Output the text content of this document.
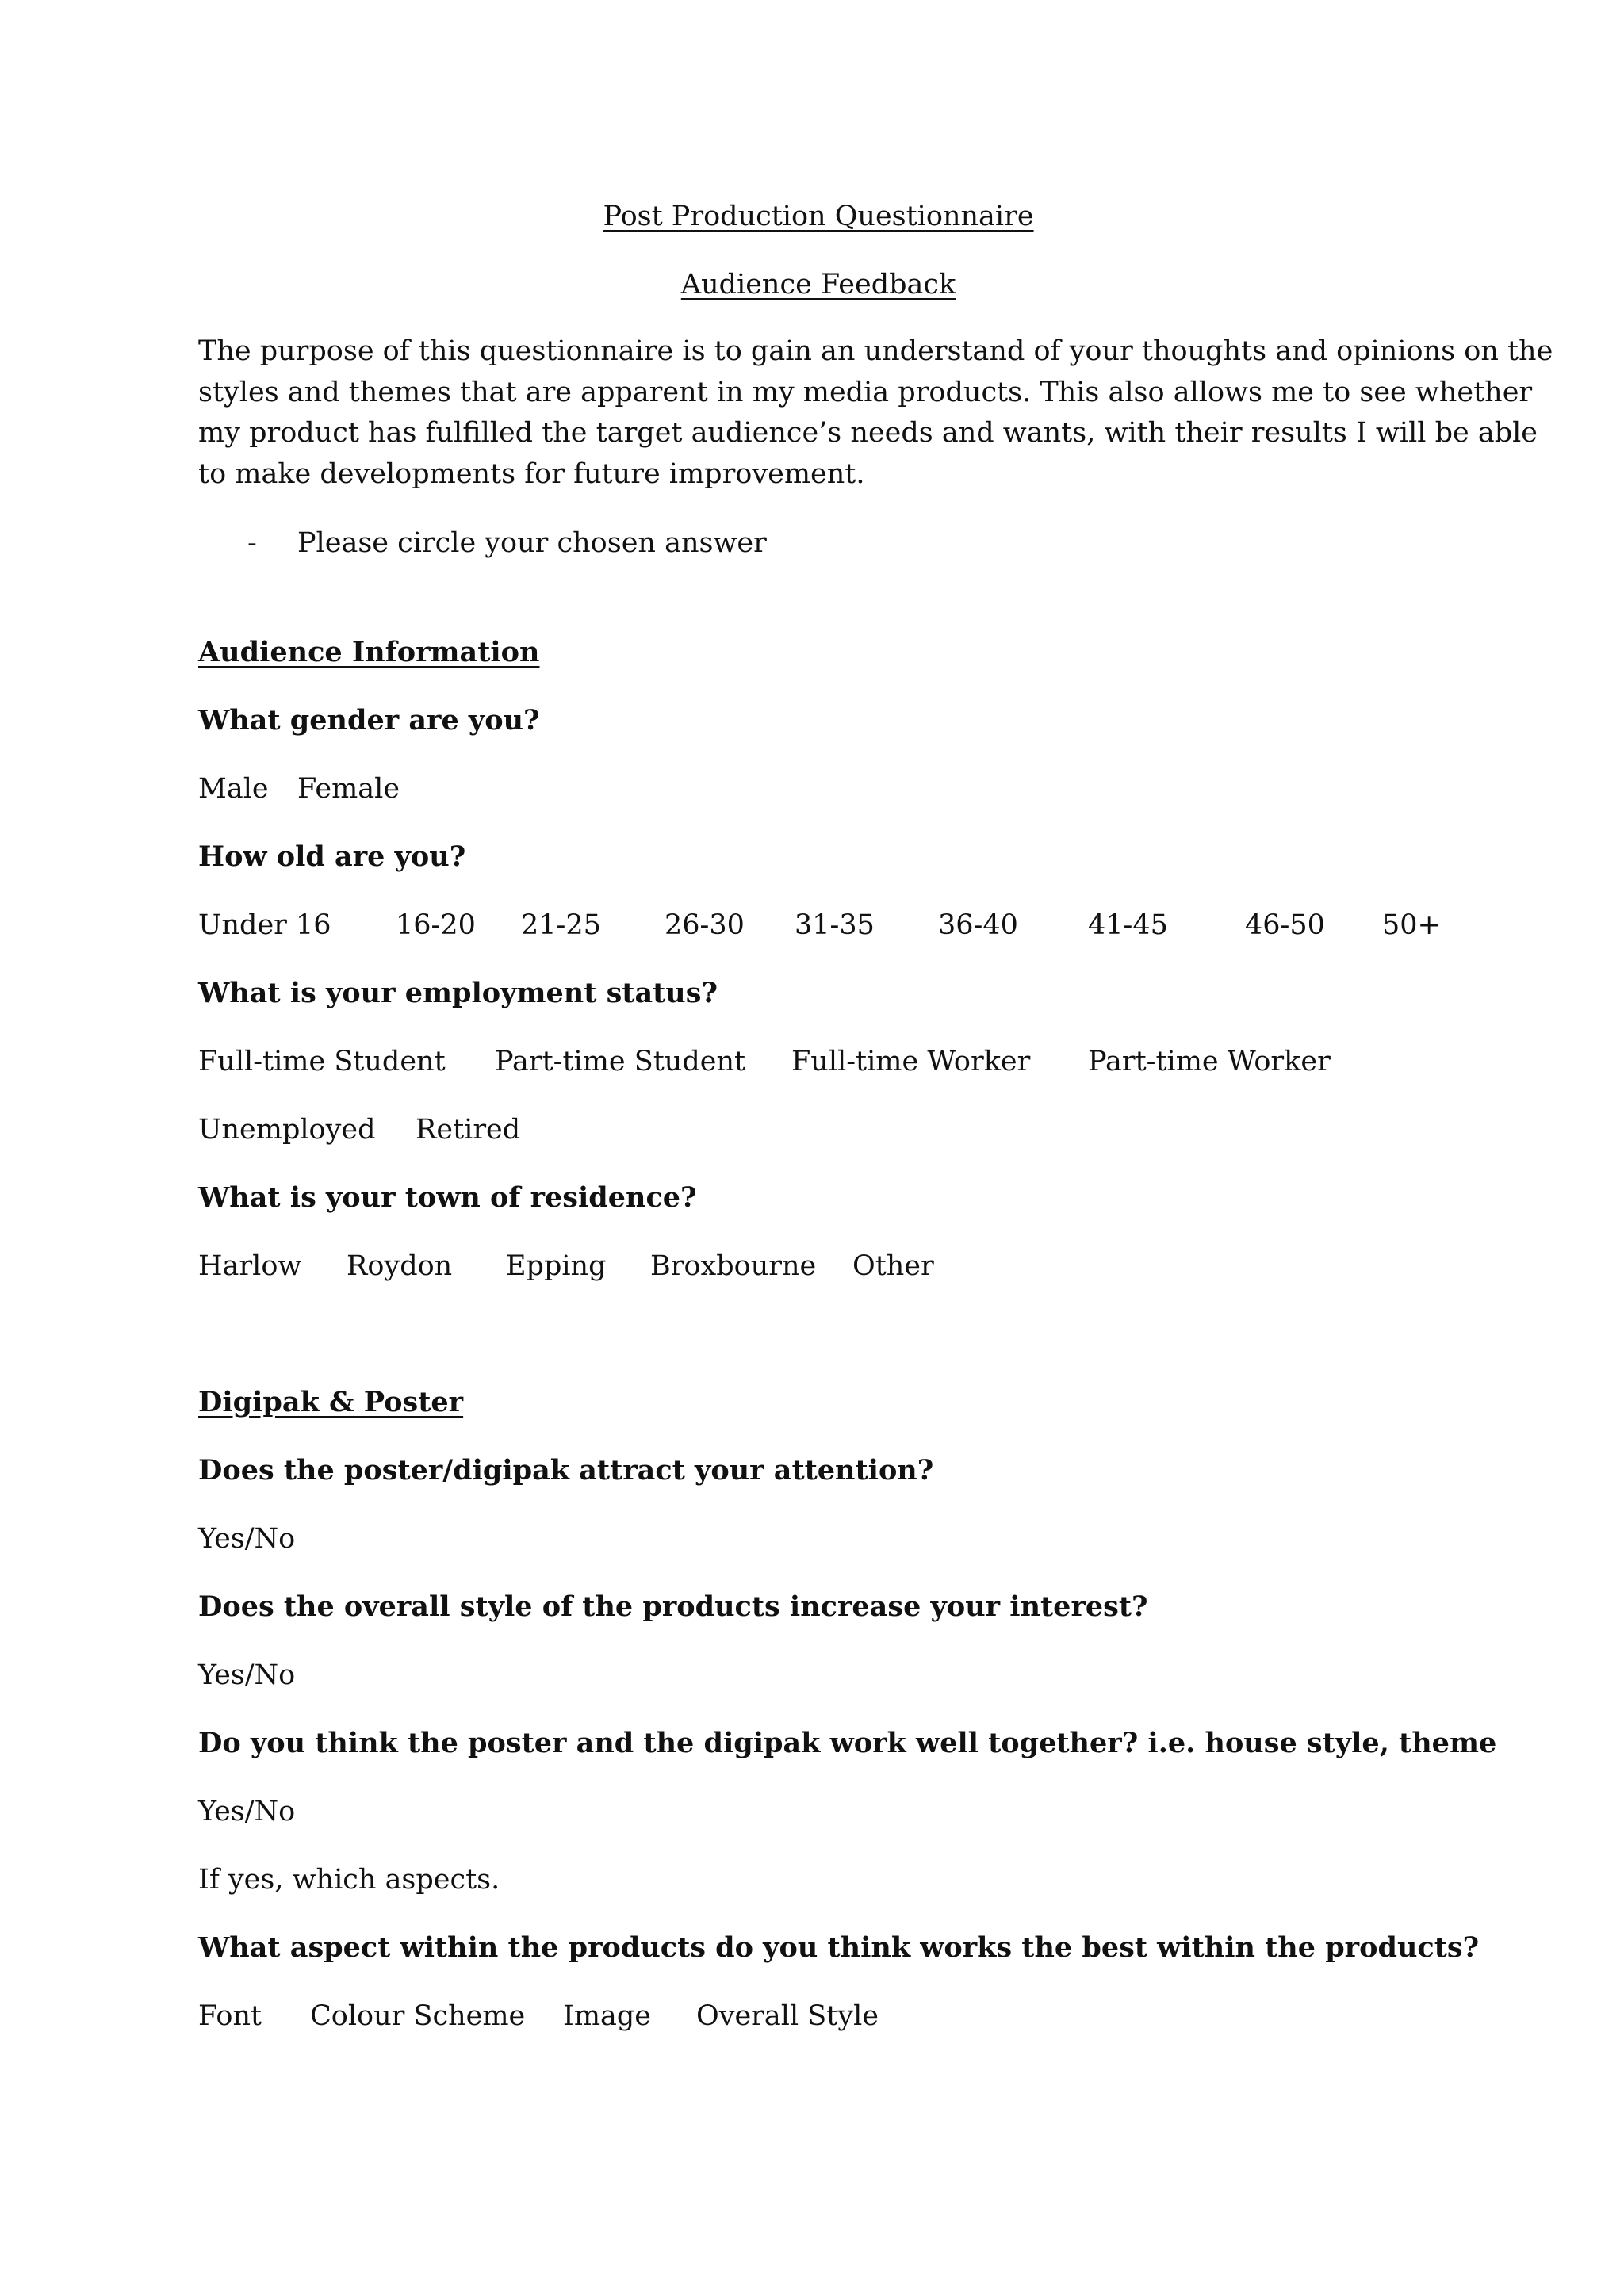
Post Production Questionnaire
Audience Feedback
The purpose of this questionnaire is to gain an understand of your thoughts and opinions on the
styles and themes that are apparent in my media products. This also allows me to see whether
my product has fulfilled the target audience’s needs and wants, with their results I will be able
to make developments for future improvement.
- Please circle your chosen answer
Audience Information
What gender are you?
Male Female
How old are you?
Under 16 16-20 21-25 26-30 31-35 36-40	41-45	46-50 50+
What is your employment status?
Full-time Student Part-time Student Full-time Worker Part-time Worker
Unemployed Retired
What is your town of residence?
Harlow Roydon Epping Broxbourne Other
Digipak & Poster
Does the poster/digipak attract your attention?
Yes/No
Does the overall style of the products increase your interest?
Yes/No
Do you think the poster and the digipak work well together? i.e. house style, theme
Yes/No
If yes, which aspects.
What aspect within the products do you think works the best within the products?
Font Colour Scheme Image Overall Style
